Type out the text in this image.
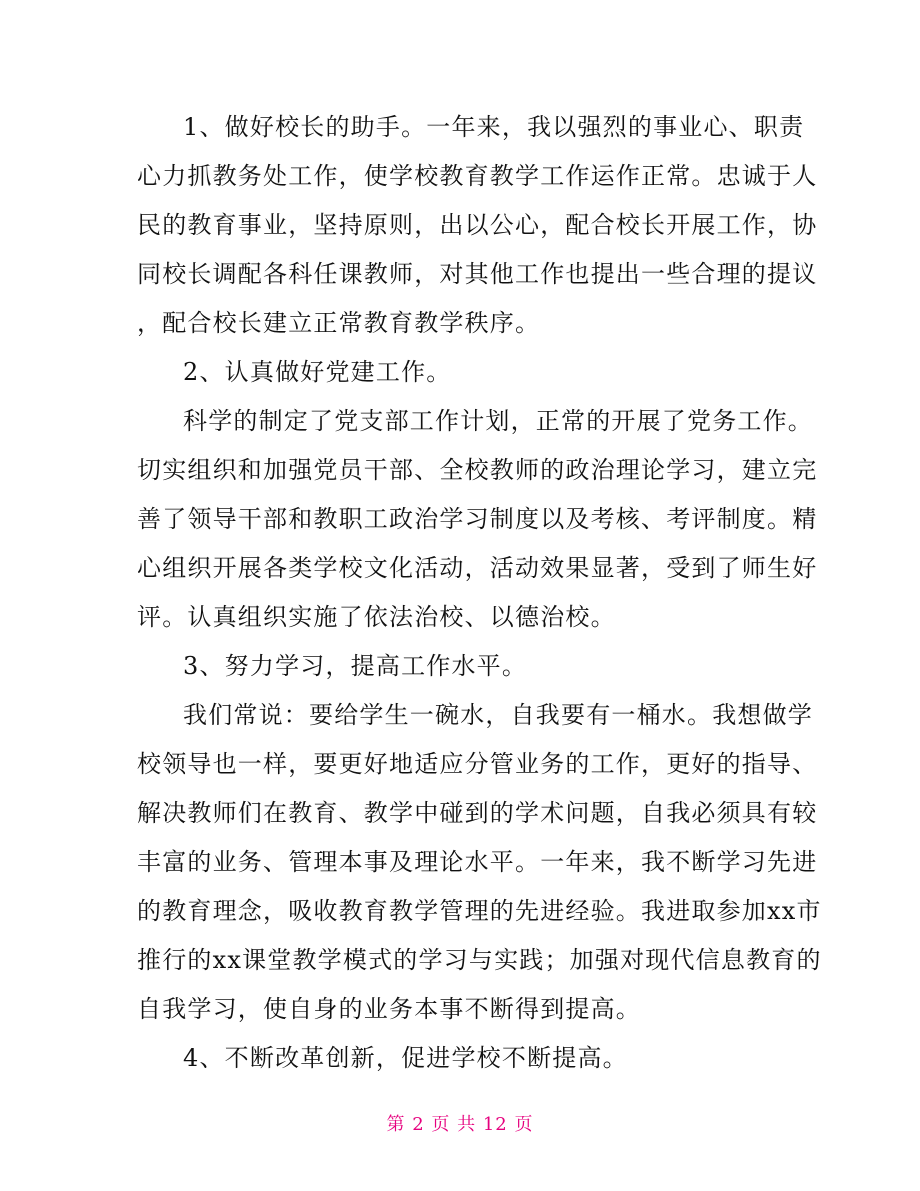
1、做好校长的助手。一年来，我以强烈的事业心、职责
心力抓教务处工作，使学校教育教学工作运作正常。忠诚于人
民的教育事业，坚持原则，出以公心，配合校长开展工作，协
同校长调配各科任课教师，对其他工作也提出一些合理的提议
，配合校长建立正常教育教学秩序。
2、认真做好党建工作。
科学的制定了党支部工作计划，正常的开展了党务工作。
切实组织和加强党员干部、全校教师的政治理论学习，建立完
善了领导干部和教职工政治学习制度以及考核、考评制度。精
心组织开展各类学校文化活动，活动效果显著，受到了师生好
评。认真组织实施了依法治校、以德治校。
3、努力学习，提高工作水平。
我们常说：要给学生一碗水，自我要有一桶水。我想做学
校领导也一样，要更好地适应分管业务的工作，更好的指导、
解决教师们在教育、教学中碰到的学术问题，自我必须具有较
丰富的业务、管理本事及理论水平。一年来，我不断学习先进
的教育理念，吸收教育教学管理的先进经验。我进取参加xx市
推行的xx课堂教学模式的学习与实践；加强对现代信息教育的
自我学习，使自身的业务本事不断得到提高。
4、不断改革创新，促进学校不断提高。
第 2 页 共 12 页
